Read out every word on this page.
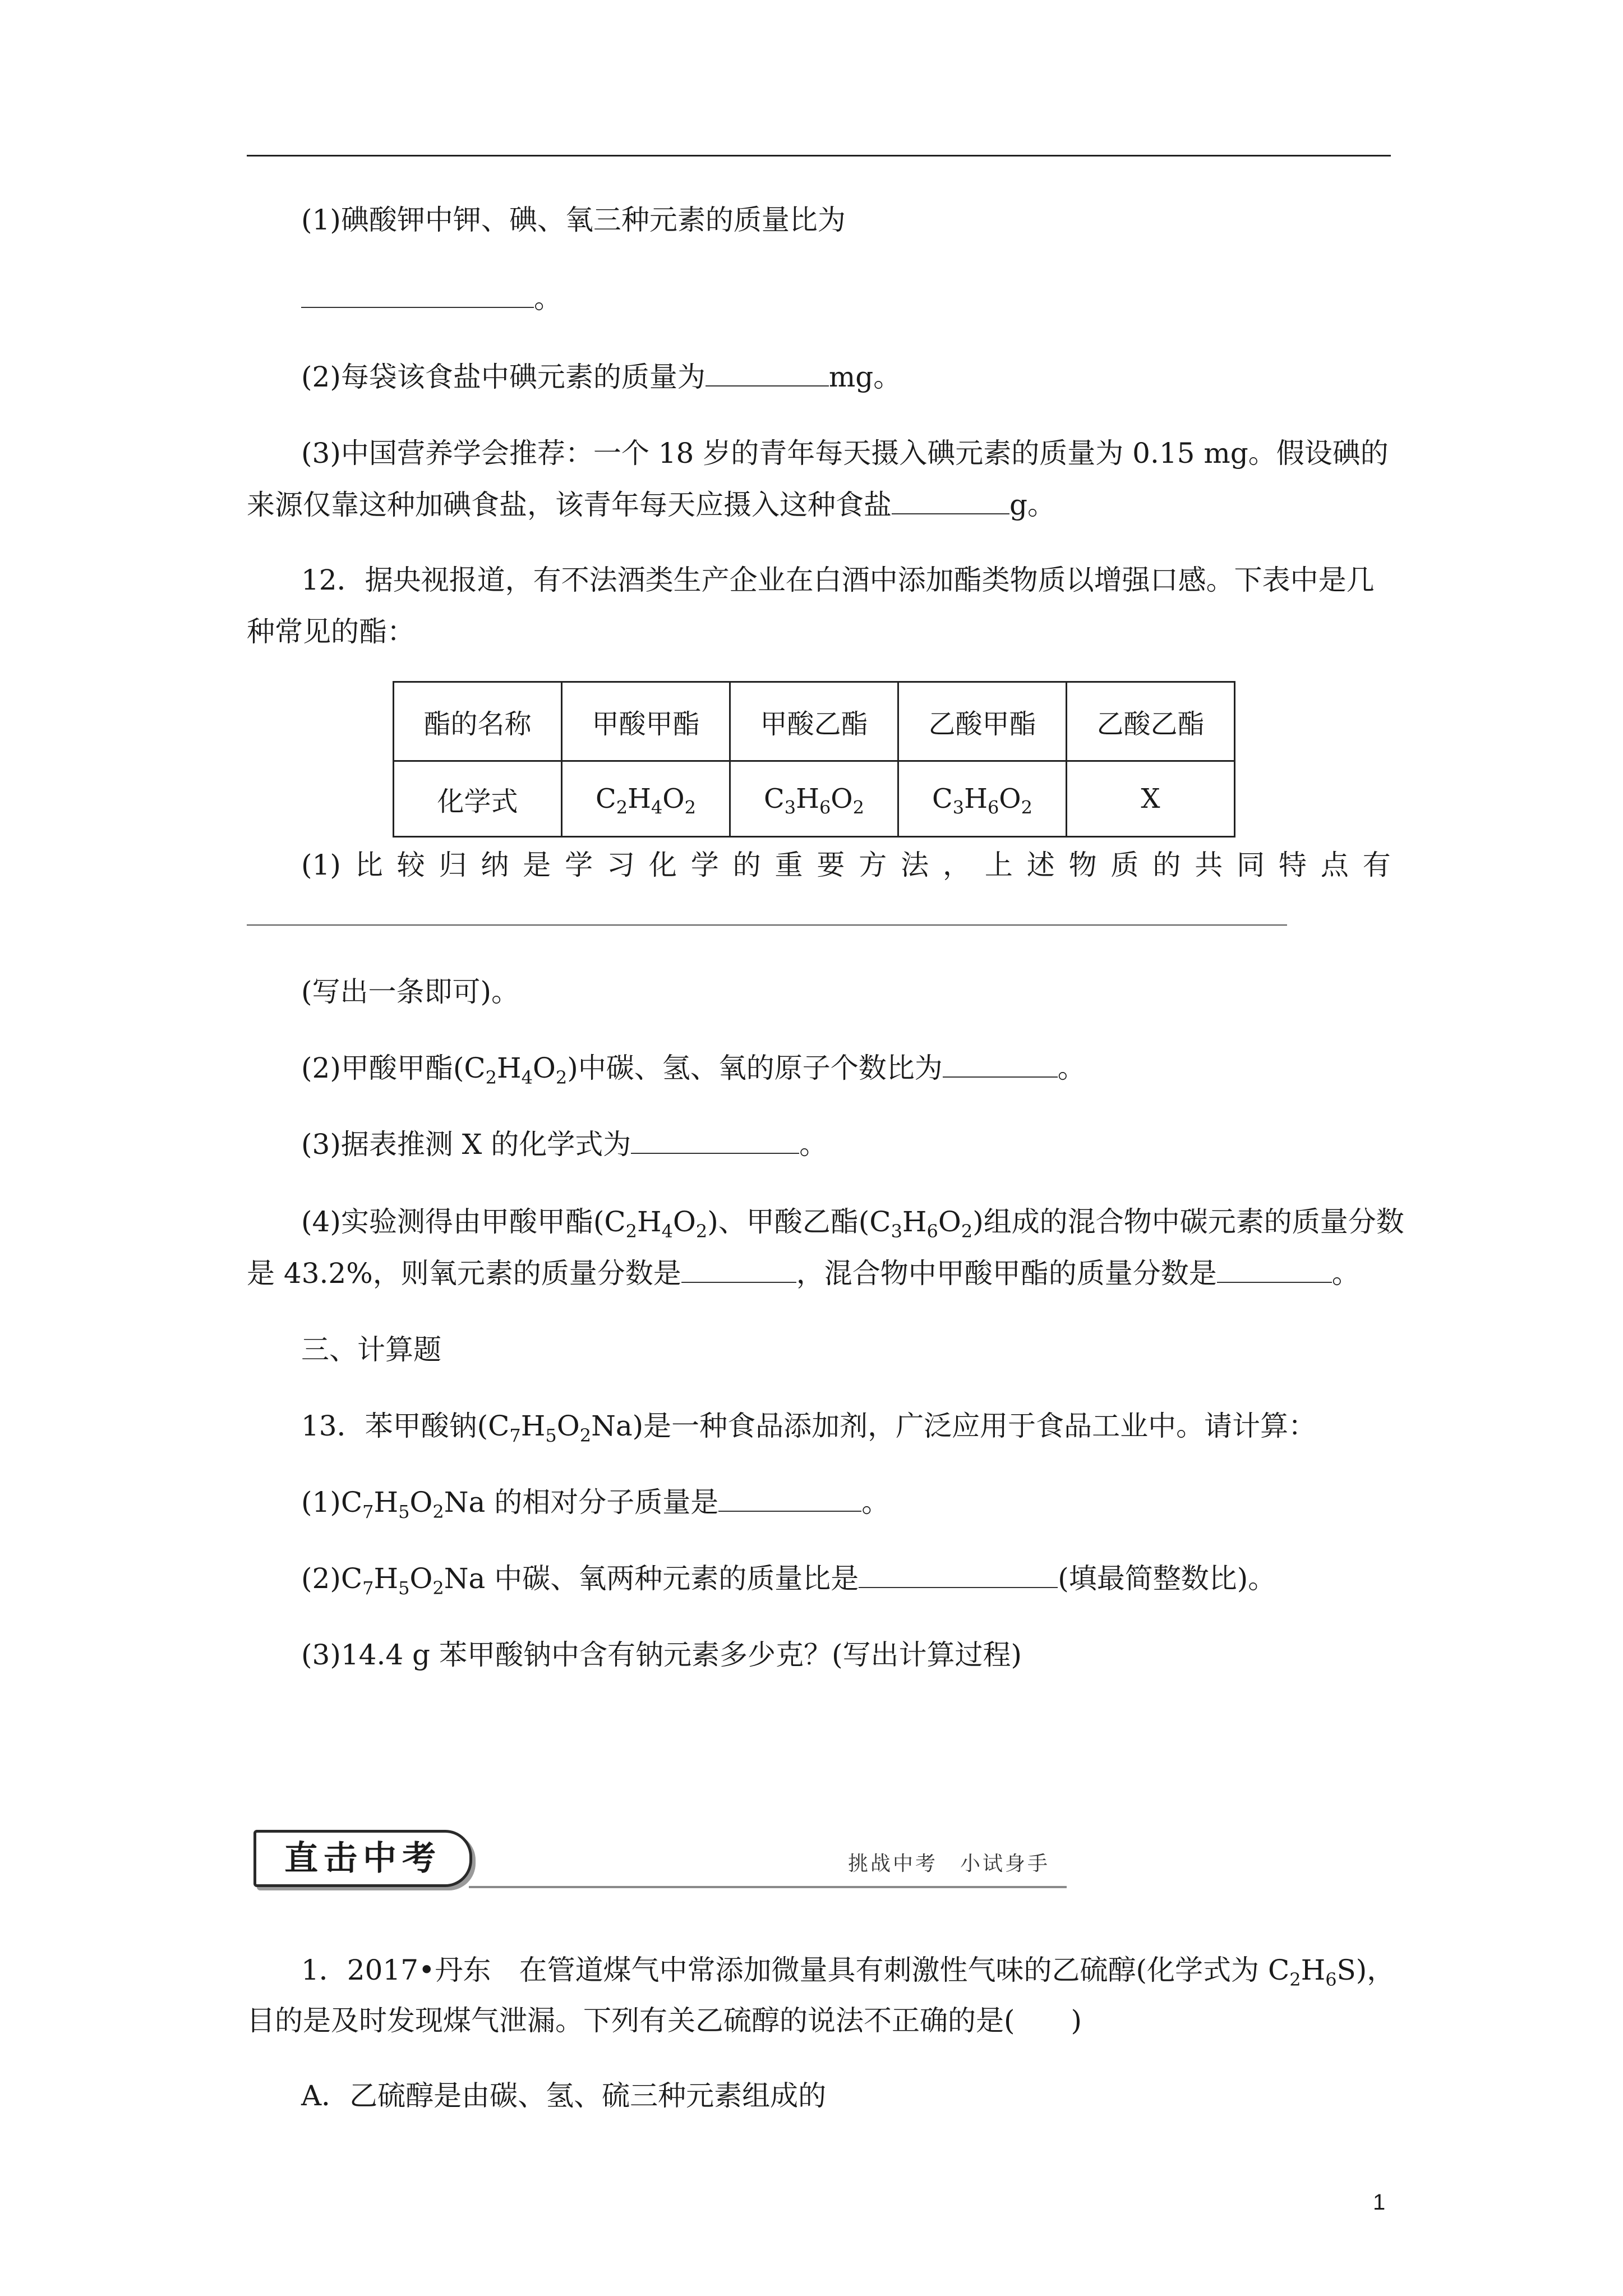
(1)碘酸钾中钾、碘、氧三种元素的质量比为
。
(2)每袋该食盐中碘元素的质量为	mg。
(3)中国营养学会推荐：一个 18 岁的青年每天摄入碘元素的质量为 0.15 mg。假设碘的
来源仅靠这种加碘食盐，该青年每天应摄入这种食盐	g。
12．据央视报道，有不法酒类生产企业在白酒中添加酯类物质以增强口感。下表中是几
种常见的酯：
酯的名称	甲酸甲酯	甲酸乙酯	乙酸甲酯	乙酸乙酯
化学式	$C_2H_4O_2$	$C_3H_6O_2$	$C_3H_6O_2$	X
(1) 比 较 归 纳 是 学 习 化 学 的 重 要 方 法 ， 上 述 物 质 的 共 同 特 点 有
(写出一条即可)。
(2)甲酸甲酯$(C_2H_4O_2)$中碳、氢、氧的原子个数比为	。
(3)据表推测 X 的化学式为	。
(4)实验测得由甲酸甲酯$(C_2H_4O_2)$、甲酸乙酯$(C_3H_6O_2)$组成的混合物中碳元素的质量分数
是 43.2%，则氧元素的质量分数是	，混合物中甲酸甲酯的质量分数是	。
三、计算题
13．苯甲酸钠$(C_7H_5O_2Na)$是一种食品添加剂，广泛应用于食品工业中。请计算：
$(1)C_7H_5O_2Na$ 的相对分子质量是	。
$(2)C_7H_5O_2Na$ 中碳、氧两种元素的质量比是	(填最简整数比)。
(3)14.4 g 苯甲酸钠中含有钠元素多少克？(写出计算过程)
直击中考	挑战中考　小试身手
1．2017•丹东　在管道煤气中常添加微量具有刺激性气味的乙硫醇(化学式为 $C_2H_6S$)，
目的是及时发现煤气泄漏。下列有关乙硫醇的说法不正确的是(　　)
A．乙硫醇是由碳、氢、硫三种元素组成的
1
